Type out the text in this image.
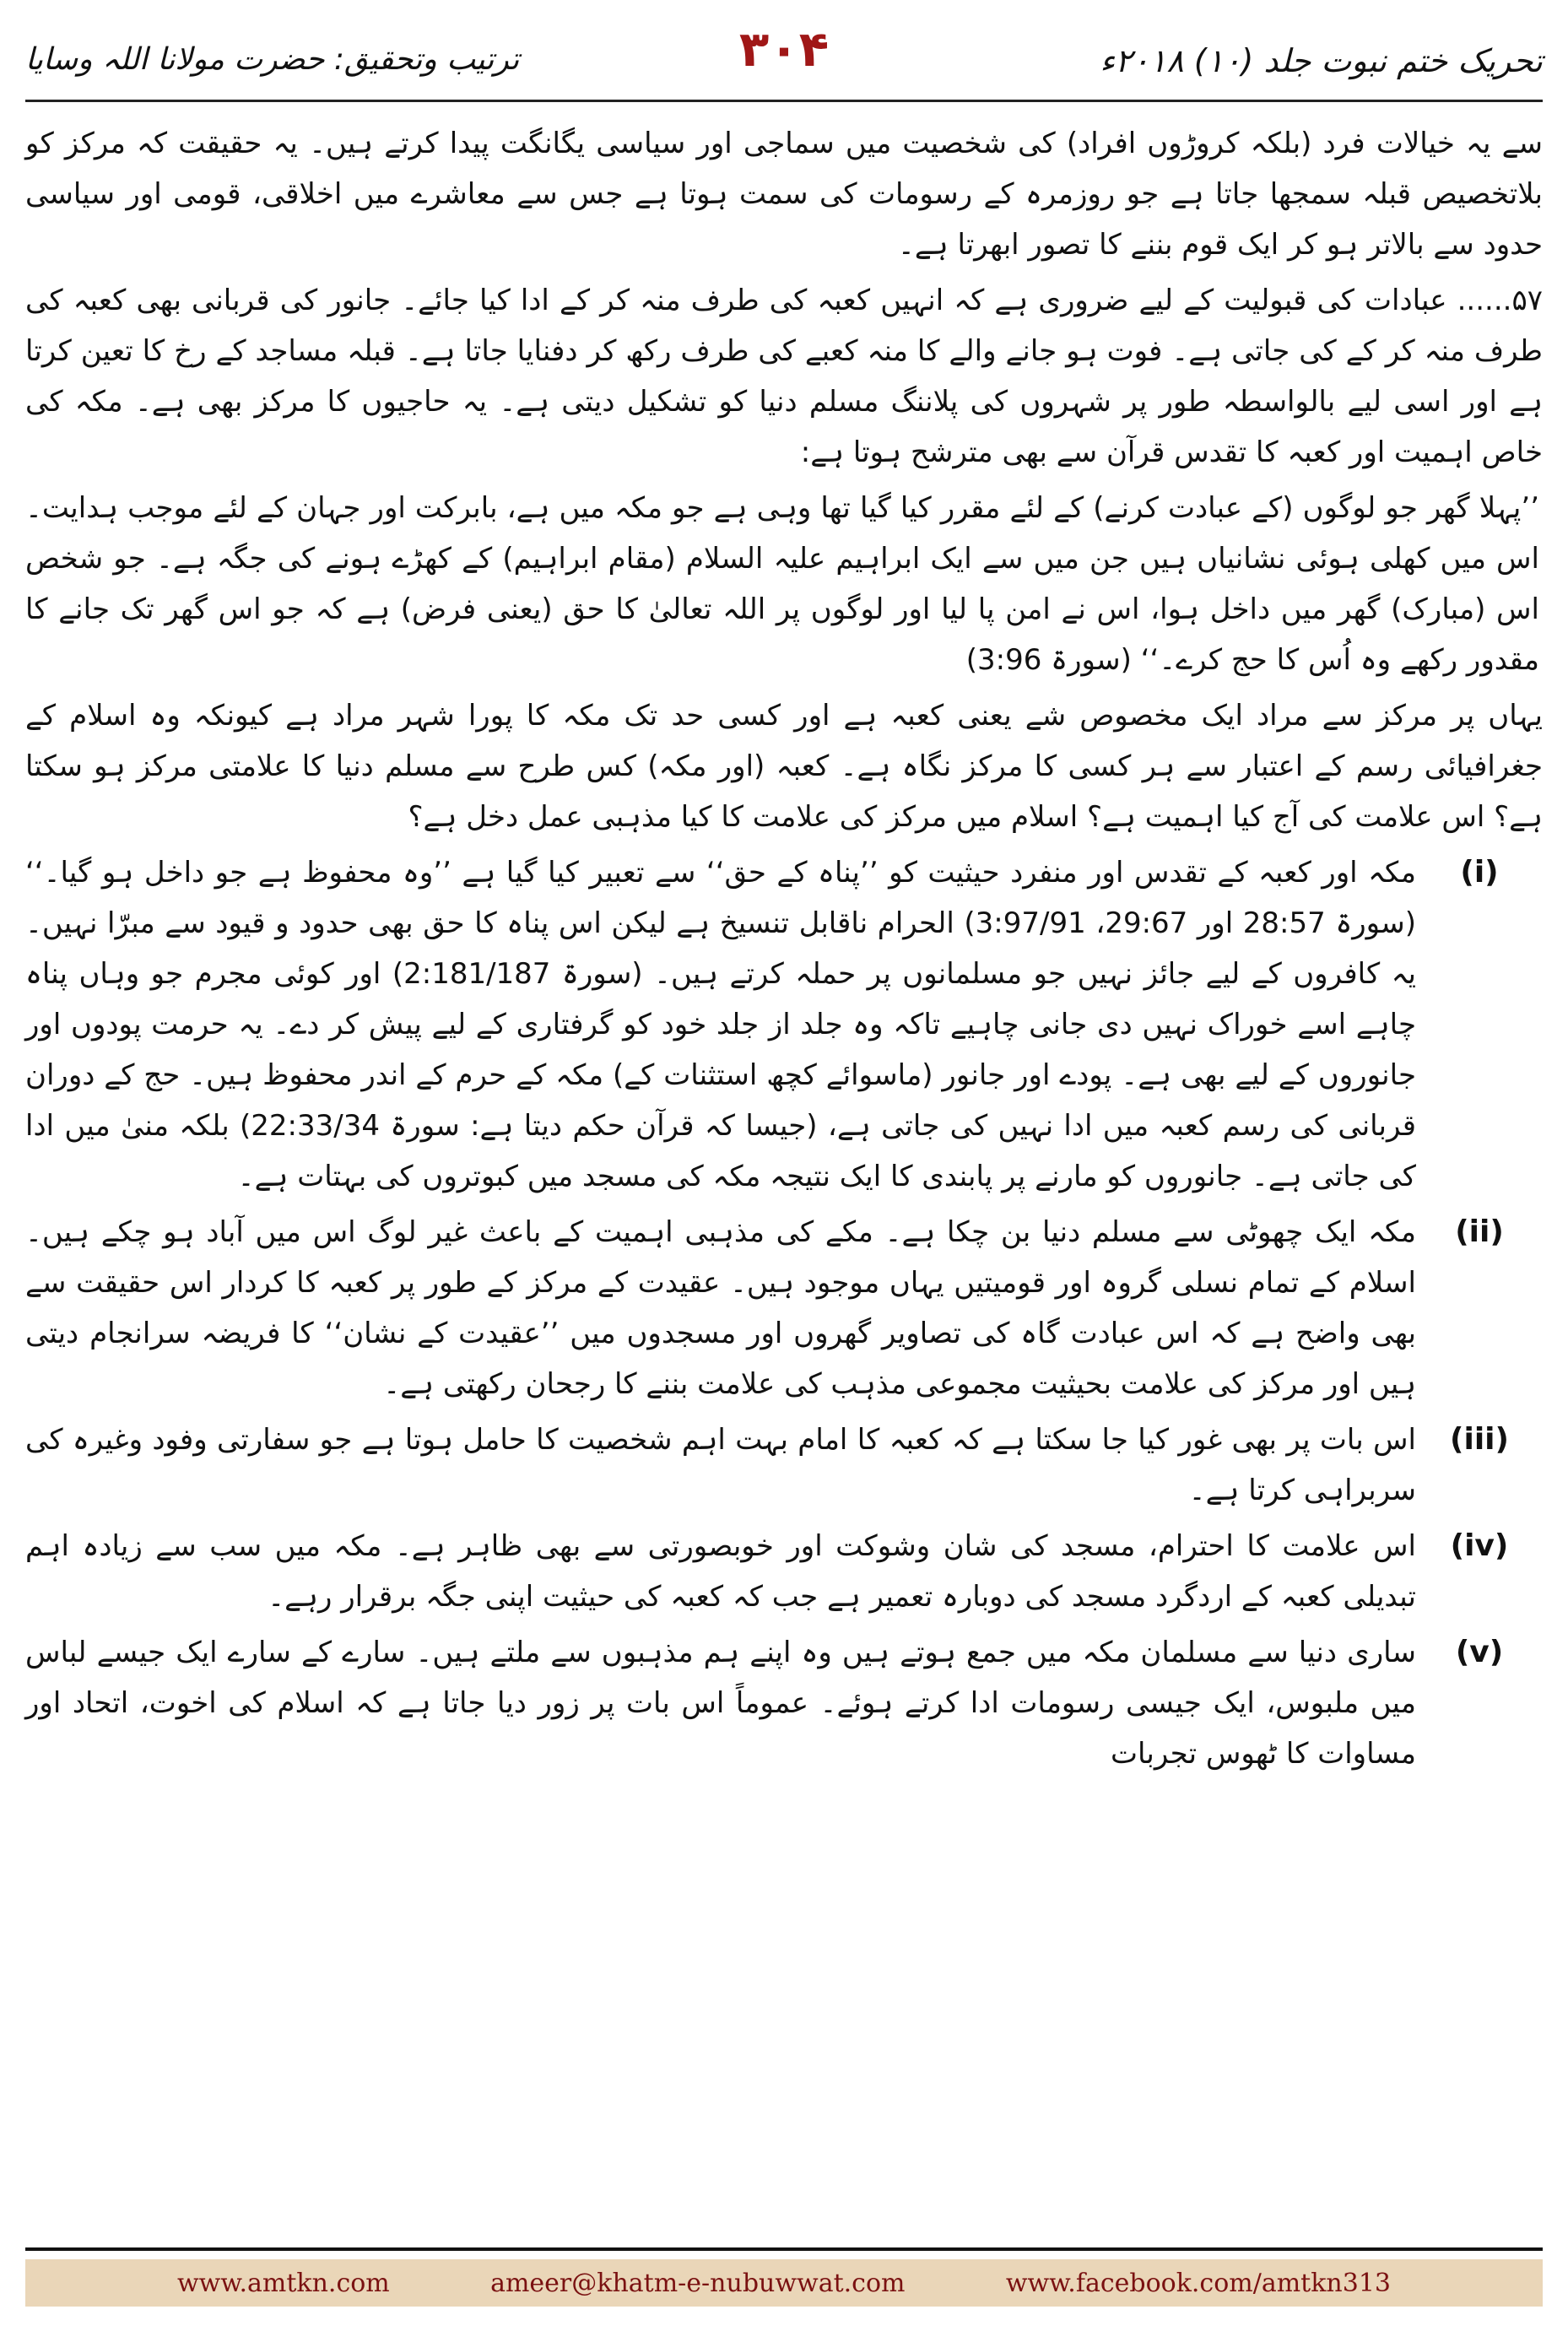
تحریک ختم نبوت جلد (۱۰) ۲۰۱۸ء
۳۰۴
ترتیب وتحقیق: حضرت مولانا اللہ وسایا

سے یہ خیالات فرد (بلکہ کروڑوں افراد) کی شخصیت میں سماجی اور سیاسی یگانگت پیدا کرتے ہیں۔ یہ حقیقت کہ مرکز کو بلاتخصیص قبلہ سمجھا جاتا ہے جو روزمرہ کے رسومات کی سمت ہوتا ہے جس سے معاشرے میں اخلاقی، قومی اور سیاسی حدود سے بالاتر ہو کر ایک قوم بننے کا تصور ابھرتا ہے۔

۵۷...... عبادات کی قبولیت کے لیے ضروری ہے کہ انہیں کعبہ کی طرف منہ کر کے ادا کیا جائے۔ جانور کی قربانی بھی کعبہ کی طرف منہ کر کے کی جاتی ہے۔ فوت ہو جانے والے کا منہ کعبے کی طرف رکھ کر دفنایا جاتا ہے۔ قبلہ مساجد کے رخ کا تعین کرتا ہے اور اسی لیے بالواسطہ طور پر شہروں کی پلاننگ مسلم دنیا کو تشکیل دیتی ہے۔ یہ حاجیوں کا مرکز بھی ہے۔ مکہ کی خاص اہمیت اور کعبہ کا تقدس قرآن سے بھی مترشح ہوتا ہے:

’’پہلا گھر جو لوگوں (کے عبادت کرنے) کے لئے مقرر کیا گیا تھا وہی ہے جو مکہ میں ہے، بابرکت اور جہان کے لئے موجب ہدایت۔ اس میں کھلی ہوئی نشانیاں ہیں جن میں سے ایک ابراہیم علیہ السلام (مقام ابراہیم) کے کھڑے ہونے کی جگہ ہے۔ جو شخص اس (مبارک) گھر میں داخل ہوا، اس نے امن پا لیا اور لوگوں پر اللہ تعالیٰ کا حق (یعنی فرض) ہے کہ جو اس گھر تک جانے کا مقدور رکھے وہ اُس کا حج کرے۔‘‘ (سورۃ 3:96)

یہاں پر مرکز سے مراد ایک مخصوص شے یعنی کعبہ ہے اور کسی حد تک مکہ کا پورا شہر مراد ہے کیونکہ وہ اسلام کے جغرافیائی رسم کے اعتبار سے ہر کسی کا مرکز نگاہ ہے۔ کعبہ (اور مکہ) کس طرح سے مسلم دنیا کا علامتی مرکز ہو سکتا ہے؟ اس علامت کی آج کیا اہمیت ہے؟ اسلام میں مرکز کی علامت کا کیا مذہبی عمل دخل ہے؟

(i)
مکہ اور کعبہ کے تقدس اور منفرد حیثیت کو ’’پناہ کے حق‘‘ سے تعبیر کیا گیا ہے ’’وہ محفوظ ہے جو داخل ہو گیا۔‘‘ (سورۃ 28:57 اور 29:67، 3:97/91) الحرام ناقابل تنسیخ ہے لیکن اس پناہ کا حق بھی حدود و قیود سے مبرّا نہیں۔ یہ کافروں کے لیے جائز نہیں جو مسلمانوں پر حملہ کرتے ہیں۔ (سورۃ 2:181/187) اور کوئی مجرم جو وہاں پناہ چاہے اسے خوراک نہیں دی جانی چاہیے تاکہ وہ جلد از جلد خود کو گرفتاری کے لیے پیش کر دے۔ یہ حرمت پودوں اور جانوروں کے لیے بھی ہے۔ پودے اور جانور (ماسوائے کچھ استثنات کے) مکہ کے حرم کے اندر محفوظ ہیں۔ حج کے دوران قربانی کی رسم کعبہ میں ادا نہیں کی جاتی ہے، (جیسا کہ قرآن حکم دیتا ہے: سورۃ 22:33/34) بلکہ منیٰ میں ادا کی جاتی ہے۔ جانوروں کو مارنے پر پابندی کا ایک نتیجہ مکہ کی مسجد میں کبوتروں کی بہتات ہے۔
(ii)
مکہ ایک چھوٹی سے مسلم دنیا بن چکا ہے۔ مکے کی مذہبی اہمیت کے باعث غیر لوگ اس میں آباد ہو چکے ہیں۔ اسلام کے تمام نسلی گروہ اور قومیتیں یہاں موجود ہیں۔ عقیدت کے مرکز کے طور پر کعبہ کا کردار اس حقیقت سے بھی واضح ہے کہ اس عبادت گاہ کی تصاویر گھروں اور مسجدوں میں ’’عقیدت کے نشان‘‘ کا فریضہ سرانجام دیتی ہیں اور مرکز کی علامت بحیثیت مجموعی مذہب کی علامت بننے کا رجحان رکھتی ہے۔
(iii)
اس بات پر بھی غور کیا جا سکتا ہے کہ کعبہ کا امام بہت اہم شخصیت کا حامل ہوتا ہے جو سفارتی وفود وغیرہ کی سربراہی کرتا ہے۔
(iv)
اس علامت کا احترام، مسجد کی شان وشوکت اور خوبصورتی سے بھی ظاہر ہے۔ مکہ میں سب سے زیادہ اہم تبدیلی کعبہ کے اردگرد مسجد کی دوبارہ تعمیر ہے جب کہ کعبہ کی حیثیت اپنی جگہ برقرار رہے۔
(v)
ساری دنیا سے مسلمان مکہ میں جمع ہوتے ہیں وہ اپنے ہم مذہبوں سے ملتے ہیں۔ سارے کے سارے ایک جیسے لباس میں ملبوس، ایک جیسی رسومات ادا کرتے ہوئے۔ عموماً اس بات پر زور دیا جاتا ہے کہ اسلام کی اخوت، اتحاد اور مساوات کا ٹھوس تجربات
www.amtkn.com	ameer@khatm-e-nubuwwat.com	www.facebook.com/amtkn313
